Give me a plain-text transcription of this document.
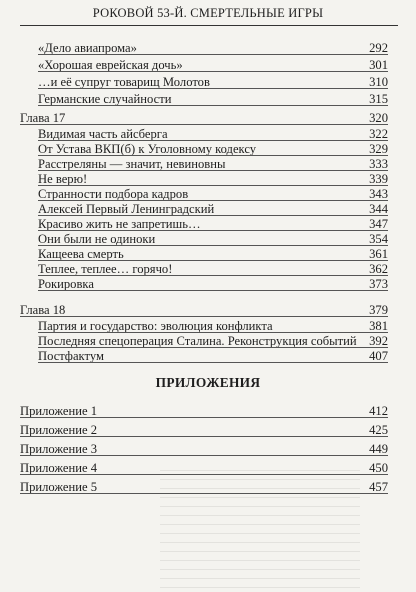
РОКОВОЙ 53-Й. СМЕРТЕЛЬНЫЕ ИГРЫ
«Дело авиапрома»	292
«Хорошая еврейская дочь»	301
…и её супруг товарищ Молотов	310
Германские случайности	315
Глава 17	320
Видимая часть айсберга	322
От Устава ВКП(б) к Уголовному кодексу	329
Расстреляны — значит, невиновны	333
Не верю!	339
Странности подбора кадров	343
Алексей Первый Ленинградский	344
Красиво жить не запретишь…	347
Они были не одиноки	354
Кащеева смерть	361
Теплее, теплее… горячо!	362
Рокировка	373
Глава 18	379
Партия и государство: эволюция конфликта	381
Последняя спецоперация Сталина. Реконструкция событий 392
Постфактум	407
Приложение 1	412
Приложение 2	425
Приложение 3	449
Приложение 4	450
Приложение 5	457
ПРИЛОЖЕНИЯ
